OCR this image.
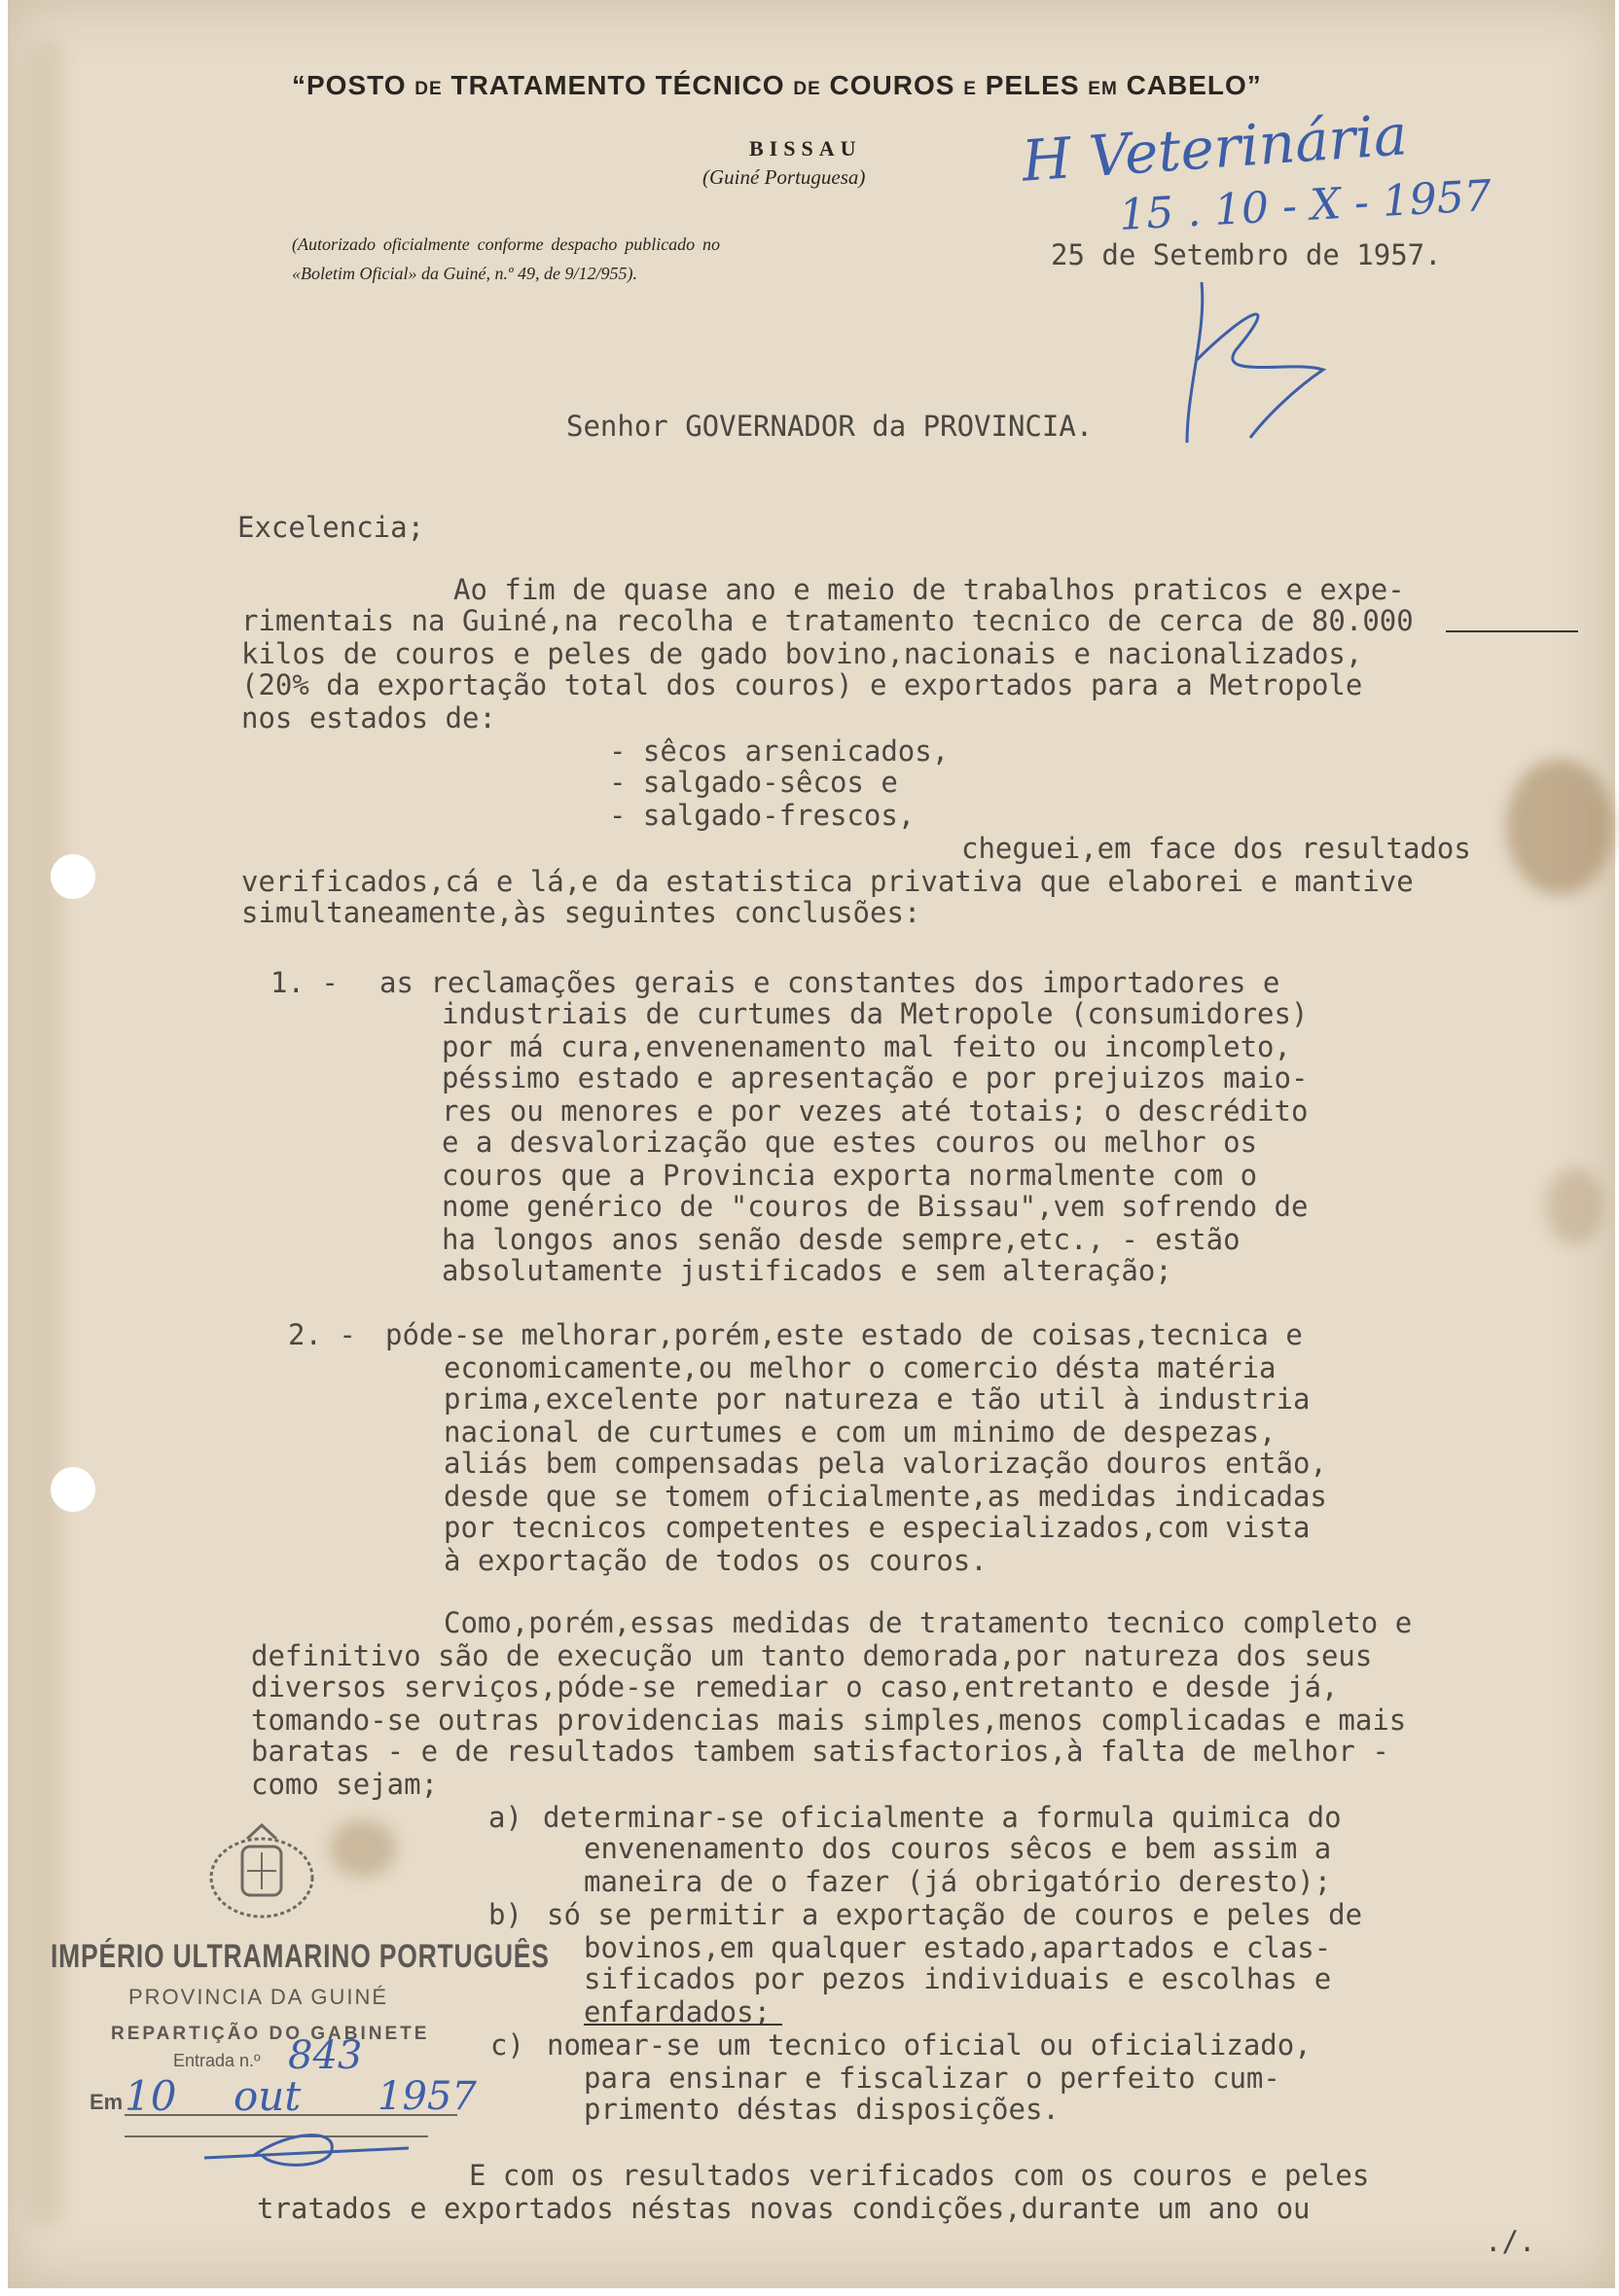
“POSTO DE TRATAMENTO TÉCNICO DE COUROS E PELES EM CABELO”
BISSAU
(Guiné Portuguesa)
(Autorizado oficialmente conforme despacho publicado no «Boletim Oficial» da Guiné, n.º 49, de 9/12/955).
H Veterinária
15 . 10 - X - 1957
25 de Setembro de 1957.
Senhor GOVERNADOR da PROVINCIA.
Excelencia;
Ao fim de quase ano e meio de trabalhos praticos e expe-
rimentais na Guiné,na recolha e tratamento tecnico de cerca de 80.000
kilos de couros e peles de gado bovino,nacionais e nacionalizados,
(20% da exportação total dos couros) e exportados para a Metropole
nos estados de:
- sêcos arsenicados,
- salgado-sêcos e
- salgado-frescos,
cheguei,em face dos resultados
verificados,cá e lá,e da estatistica privativa que elaborei e mantive
simultaneamente,às seguintes conclusões:
1. - as reclamações gerais e constantes dos importadores e
industriais de curtumes da Metropole (consumidores)
por má cura,envenenamento mal feito ou incompleto,
péssimo estado e apresentação e por prejuizos maio-
res ou menores e por vezes até totais; o descrédito
e a desvalorização que estes couros ou melhor os
couros que a Provincia exporta normalmente com o
nome genérico de "couros de Bissau",vem sofrendo de
ha longos anos senão desde sempre,etc., - estão
absolutamente justificados e sem alteração;
2. - póde-se melhorar,porém,este estado de coisas,tecnica e
economicamente,ou melhor o comercio désta matéria
prima,excelente por natureza e tão util à industria
nacional de curtumes e com um minimo de despezas,
aliás bem compensadas pela valorização douros então,
desde que se tomem oficialmente,as medidas indicadas
por tecnicos competentes e especializados,com vista
à exportação de todos os couros.
Como,porém,essas medidas de tratamento tecnico completo e
definitivo são de execução um tanto demorada,por natureza dos seus
diversos serviços,póde-se remediar o caso,entretanto e desde já,
tomando-se outras providencias mais simples,menos complicadas e mais
baratas - e de resultados tambem satisfactorios,à falta de melhor -
como sejam;
a) determinar-se oficialmente a formula quimica do
envenenamento dos couros sêcos e bem assim a
maneira de o fazer (já obrigatório deresto);
b) só se permitir a exportação de couros e peles de
bovinos,em qualquer estado,apartados e clas-
sificados por pezos individuais e escolhas e
enfardados;
c) nomear-se um tecnico oficial ou oficializado,
para ensinar e fiscalizar o perfeito cum-
primento déstas disposições.
E com os resultados verificados com os couros e peles
tratados e exportados néstas novas condições,durante um ano ou
./.
IMPÉRIO ULTRAMARINO PORTUGUÊS
PROVINCIA DA GUINÉ
REPARTIÇÃO DO GABINETE
Entrada n.º 843
Em 10 out 1957
